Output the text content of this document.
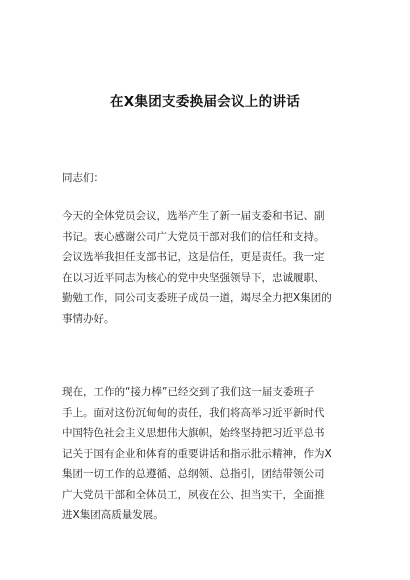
在X集团支委换届会议上的讲话
同志们：
今天的全体党员会议，选举产生了新一届支委和书记、副
书记。衷心感谢公司广大党员干部对我们的信任和支持。
会议选举我担任支部书记，这是信任，更是责任。我一定
在以习近平同志为核心的党中央坚强领导下，忠诚履职、
勤勉工作，同公司支委班子成员一道，竭尽全力把X集团的
事情办好。
现在，工作的“接力棒”已经交到了我们这一届支委班子
手上。面对这份沉甸甸的责任，我们将高举习近平新时代
中国特色社会主义思想伟大旗帜，始终坚持把习近平总书
记关于国有企业和体育的重要讲话和指示批示精神，作为X
集团一切工作的总遵循、总纲领、总指引，团结带领公司
广大党员干部和全体员工，夙夜在公、担当实干，全面推
进X集团高质量发展。
